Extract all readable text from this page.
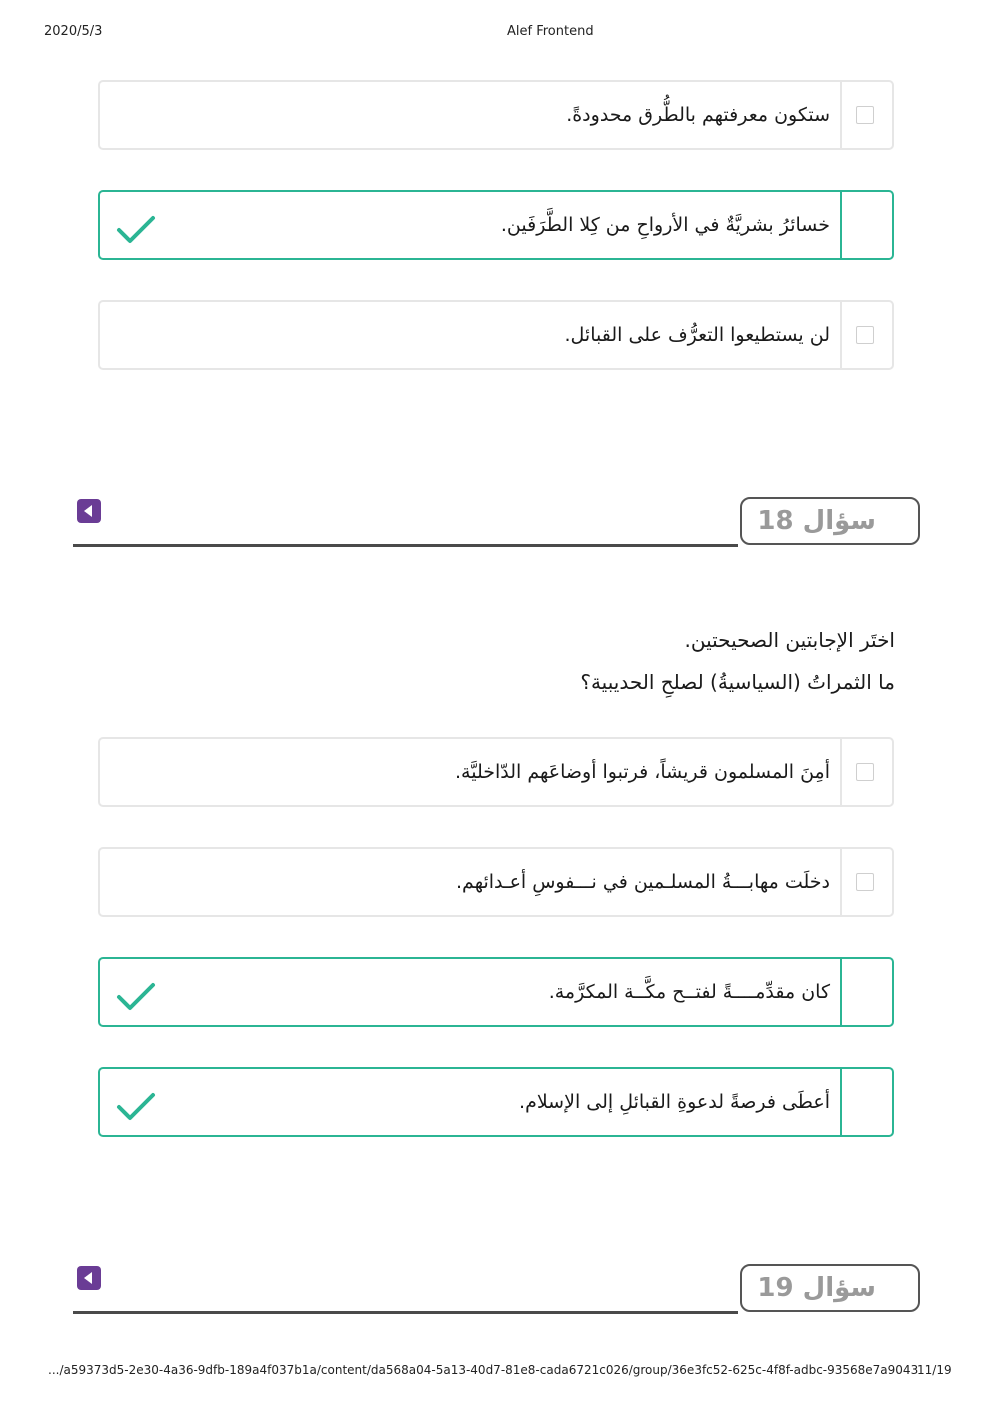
2020/5/3	Alef Frontend
ستكون معرفتهم بالطُّرق محدودةً.
خسائرُ بشريَّةٌ في الأرواحِ من كِلا الطَّرَفَين.
لن يستطيعوا التعرُّف على القبائل.
سؤال 18
اختَر الإجابتين الصحيحتين.
ما الثمراتُ (السياسيةُ) لصلحِ الحديبية؟
أمِنَ المسلمون قريشاً، فرتبوا أوضاعَهم الدّاخليَّة.
دخلَت مهابـــةُ المسلـمين في نـــفوسِ أعـدائهم.
كان مقدِّمــــةً لفتــح مكَّــة المكرَّمة.
أعطَى فرصةً لدعوةِ القبائلِ إلى الإسلام.
سؤال 19
.../a59373d5-2e30-4a36-9dfb-189a4f037b1a/content/da568a04-5a13-40d7-81e8-cada6721c026/group/36e3fc52-625c-4f8f-adbc-93568e7a9043
11/19
